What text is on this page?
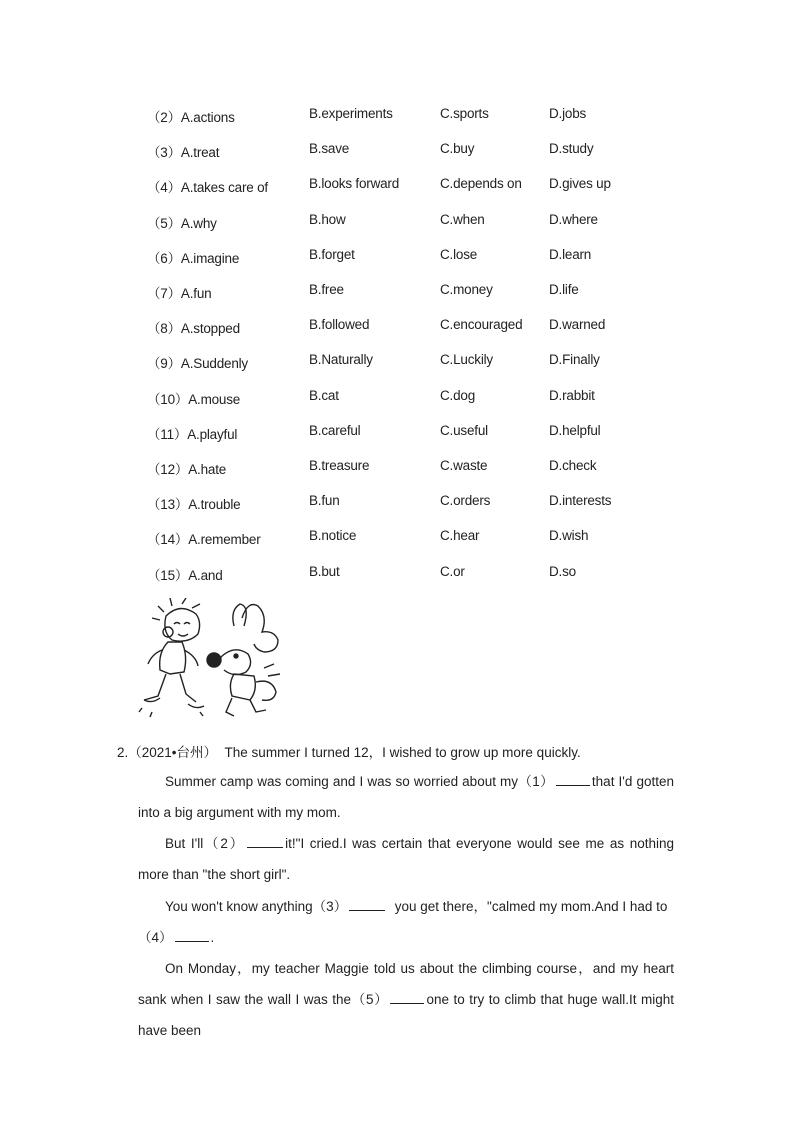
（2）A.actions	B.experiments	C.sports	D.jobs
（3）A.treat	B.save	C.buy	D.study
（4）A.takes care of	B.looks forward	C.depends on D.gives up
（5）A.why	B.how	C.when	D.where
（6）A.imagine	B.forget	C.lose	D.learn
（7）A.fun	B.free	C.money	D.life
（8）A.stopped	B.followed	C.encouraged D.warned
（9）A.Suddenly	B.Naturally	C.Luckily	D.Finally
（10）A.mouse	B.cat	C.dog	D.rabbit
（11）A.playful	B.careful	C.useful	D.helpful
（12）A.hate	B.treasure	C.waste	D.check
（13）A.trouble	B.fun	C.orders	D.interests
（14）A.remember	B.notice	C.hear	D.wish
（15）A.and	B.but	C.or	D.so
2.（2021•台州） The summer I turned 12，I wished to grow up more quickly.

Summer camp was coming and I was so worried about my（1）	that I'd gotten into a big argument with my mom.

But I'll（2）	it!"I cried.I was certain that everyone would see me as nothing more than "the short girl".

You won't know anything（3）	you get there，"calmed my mom.And I had to
（4）	.

On Monday，my teacher Maggie told us about the climbing course，and my heart sank when I saw the wall I was the（5）	one to try to climb that huge wall.It might have been
